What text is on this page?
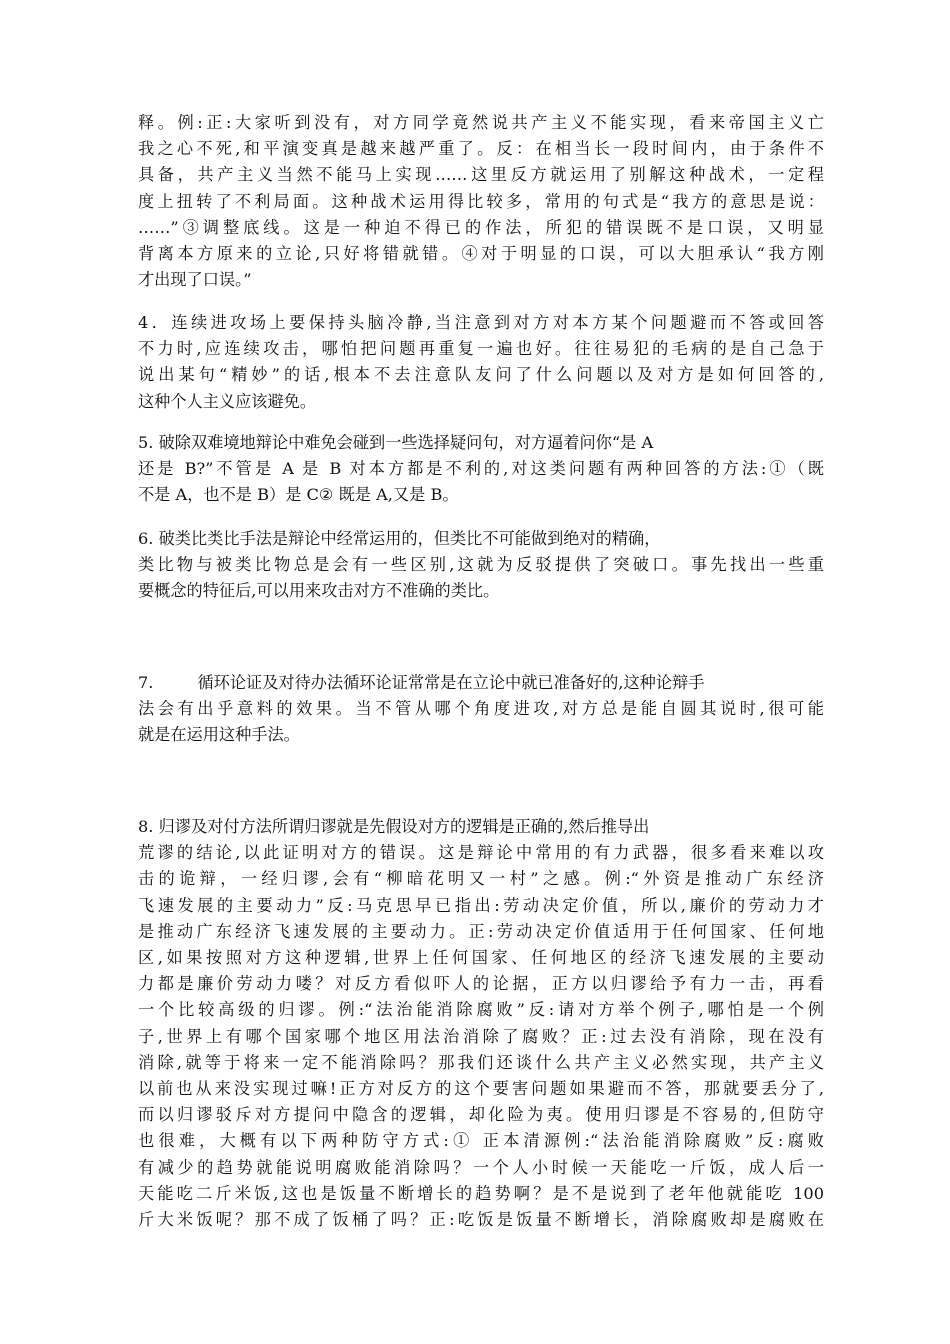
释。例:正:大家听到没有，对方同学竟然说共产主义不能实现，看来帝国主义亡
我之心不死,和平演变真是越来越严重了。反：在相当长一段时间内，由于条件不
具备，共产主义当然不能马上实现……这里反方就运用了别解这种战术，一定程
度上扭转了不利局面。这种战术运用得比较多，常用的句式是“我方的意思是说：
……”③调整底线。这是一种迫不得已的作法，所犯的错误既不是口误，又明显
背离本方原来的立论,只好将错就错。④对于明显的口误，可以大胆承认“我方刚
才出现了口误。”
4．连续进攻场上要保持头脑冷静,当注意到对方对本方某个问题避而不答或回答
不力时,应连续攻击，哪怕把问题再重复一遍也好。往往易犯的毛病的是自己急于
说出某句“精妙”的话,根本不去注意队友问了什么问题以及对方是如何回答的,
这种个人主义应该避免。
5. 破除双难境地辩论中难免会碰到一些选择疑问句，对方逼着问你“是 A
还是 B?”不管是 A 是 B 对本方都是不利的,对这类问题有两种回答的方法:①（既
不是 A，也不是 B）是 C② 既是 A,又是 B。
6. 破类比类比手法是辩论中经常运用的，但类比不可能做到绝对的精确，
类比物与被类比物总是会有一些区别,这就为反驳提供了突破口。事先找出一些重
要概念的特征后,可以用来攻击对方不准确的类比。
7.	循环论证及对待办法循环论证常常是在立论中就已准备好的,这种论辩手
法会有出乎意料的效果。当不管从哪个角度进攻,对方总是能自圆其说时,很可能
就是在运用这种手法。
8. 归谬及对付方法所谓归谬就是先假设对方的逻辑是正确的,然后推导出
荒谬的结论,以此证明对方的错误。这是辩论中常用的有力武器，很多看来难以攻
击的诡辩，一经归谬,会有“柳暗花明又一村”之感。例:“外资是推动广东经济
飞速发展的主要动力”反:马克思早已指出:劳动决定价值，所以,廉价的劳动力才
是推动广东经济飞速发展的主要动力。正:劳动决定价值适用于任何国家、任何地
区,如果按照对方这种逻辑,世界上任何国家、任何地区的经济飞速发展的主要动
力都是廉价劳动力喽？对反方看似吓人的论据，正方以归谬给予有力一击，再看
一个比较高级的归谬。例:“法治能消除腐败”反:请对方举个例子,哪怕是一个例
子,世界上有哪个国家哪个地区用法治消除了腐败？正:过去没有消除，现在没有
消除,就等于将来一定不能消除吗？那我们还谈什么共产主义必然实现，共产主义
以前也从来没实现过嘛!正方对反方的这个要害问题如果避而不答，那就要丢分了,
而以归谬驳斥对方提问中隐含的逻辑，却化险为夷。使用归谬是不容易的,但防守
也很难，大概有以下两种防守方式:① 正本清源例:“法治能消除腐败”反:腐败
有减少的趋势就能说明腐败能消除吗？一个人小时候一天能吃一斤饭，成人后一
天能吃二斤米饭,这也是饭量不断增长的趋势啊？是不是说到了老年他就能吃 100
斤大米饭呢？那不成了饭桶了吗？正:吃饭是饭量不断增长，消除腐败却是腐败在
